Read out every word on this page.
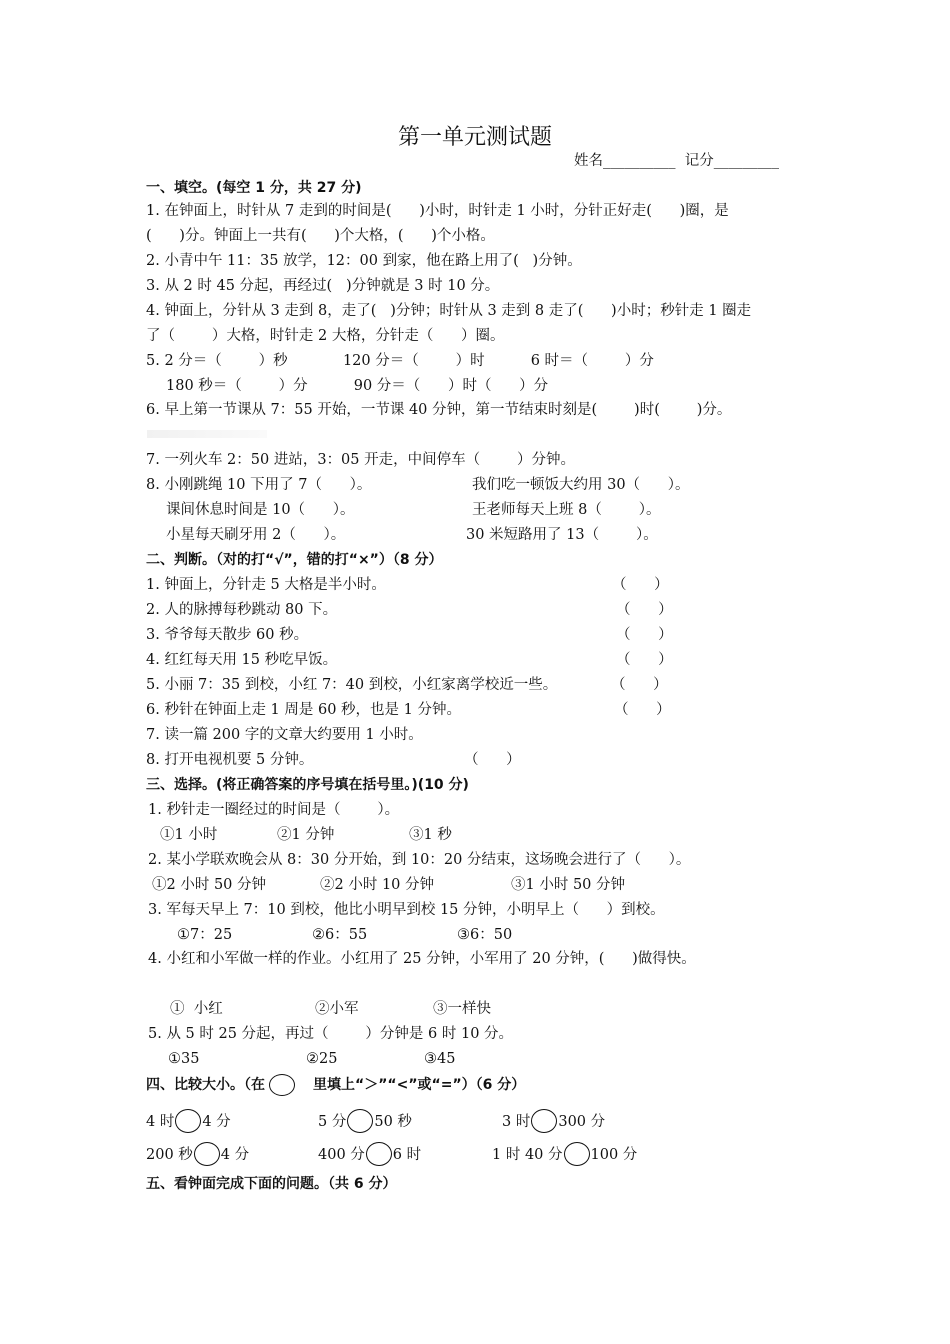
第一单元测试题
姓名__________  记分_________
一、填空。(每空 1 分，共 27 分)
1. 在钟面上，时针从 7 走到的时间是(      )小时，时针走 1 小时，分针正好走(      )圈，是
(      )分。钟面上一共有(      )个大格，(      )个小格。
2. 小青中午 11：35 放学，12：00 到家，他在路上用了(   )分钟。
3. 从 2 时 45 分起，再经过(   )分钟就是 3 时 10 分。
4. 钟面上，分针从 3 走到 8，走了(   )分钟；时针从 3 走到 8 走了(      )小时；秒针走 1 圈走
了（        ）大格，时针走 2 大格，分针走（      ）圈。
5. 2 分＝（        ）秒            120 分＝（        ）时          6 时＝（        ）分
180 秒＝（        ）分          90 分＝（      ）时（      ）分
6. 早上第一节课从 7：55 开始，一节课 40 分钟，第一节结束时刻是(        )时(        )分。
7. 一列火车 2：50 进站，3：05 开走，中间停车（        ）分钟。
8. 小刚跳绳 10 下用了 7（      ）。	我们吃一顿饭大约用 30（      ）。
课间休息时间是 10（      ）。	王老师每天上班 8（        ）。
小星每天刷牙用 2（      ）。	30 米短路用了 13（        ）。
二、判断。（对的打“√”，错的打“×”）（8 分）
1. 钟面上，分针走 5 大格是半小时。	（      ）
2. 人的脉搏每秒跳动 80 下。	（      ）
3. 爷爷每天散步 60 秒。	（      ）
4. 红红每天用 15 秒吃早饭。	（      ）
5. 小丽 7：35 到校，小红 7：40 到校，小红家离学校近一些。	（      ）
6. 秒针在钟面上走 1 周是 60 秒，也是 1 分钟。	（      ）
7. 读一篇 200 字的文章大约要用 1 小时。
8. 打开电视机要 5 分钟。	（      ）
三、选择。(将正确答案的序号填在括号里。)(10 分)
1. 秒针走一圈经过的时间是（        ）。
①1 小时	②1 分钟	③1 秒
2. 某小学联欢晚会从 8：30 分开始，到 10：20 分结束，这场晚会进行了（      ）。
①2 小时 50 分钟	②2 小时 10 分钟	③1 小时 50 分钟
3. 军每天早上 7：10 到校，他比小明早到校 15 分钟，小明早上（      ）到校。
①7：25	②6：55	③6：50
4. 小红和小军做一样的作业。小红用了 25 分钟，小军用了 20 分钟，(      )做得快。
①  小红	②小军	③一样快
5. 从 5 时 25 分起，再过（        ）分钟是 6 时 10 分。
①35	②25	③45
四、比较大小。（在	里填上“＞”“<”或“=”）（6 分）
4 时 4 分	5 分 50 秒	3 时 300 分
200 秒 4 分	400 分 6 时	1 时 40 分 100 分
五、看钟面完成下面的问题。（共 6 分）
